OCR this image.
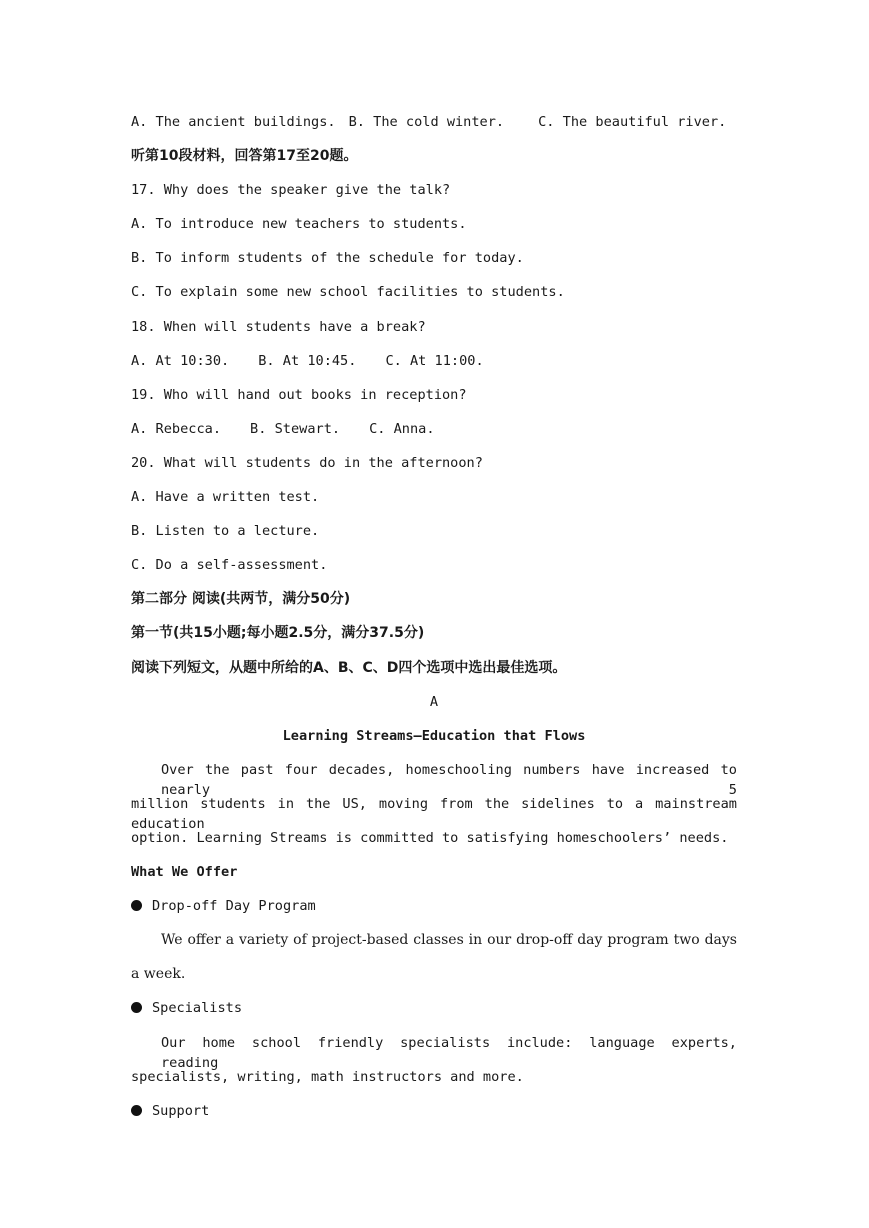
A. The ancient buildings. B. The cold winter.	C. The beautiful river.
听第10段材料，回答第17至20题。
17. Why does the speaker give the talk?
A. To introduce new teachers to students.
B. To inform students of the schedule for today.
C. To explain some new school facilities to students.
18. When will students have a break?
A. At 10:30. B. At 10:45. C. At 11:00.
19. Who will hand out books in reception?
A. Rebecca. B. Stewart. C. Anna.
20. What will students do in the afternoon?
A. Have a written test.
B. Listen to a lecture.
C. Do a self-assessment.
第二部分 阅读(共两节，满分50分)
第一节(共15小题;每小题2.5分，满分37.5分)
阅读下列短文，从题中所给的A、B、C、D四个选项中选出最佳选项。
A
Learning Streams—Education that Flows
Over the past four decades, homeschooling numbers have increased to nearly 5
million students in the US, moving from the sidelines to a mainstream education
option. Learning Streams is committed to satisfying homeschoolers’ needs.
What We Offer
Drop-off Day Program
We offer a variety of project-based classes in our drop-off day program two days
a week.
Specialists
Our home school friendly specialists include: language experts, reading
specialists, writing, math instructors and more.
Support
